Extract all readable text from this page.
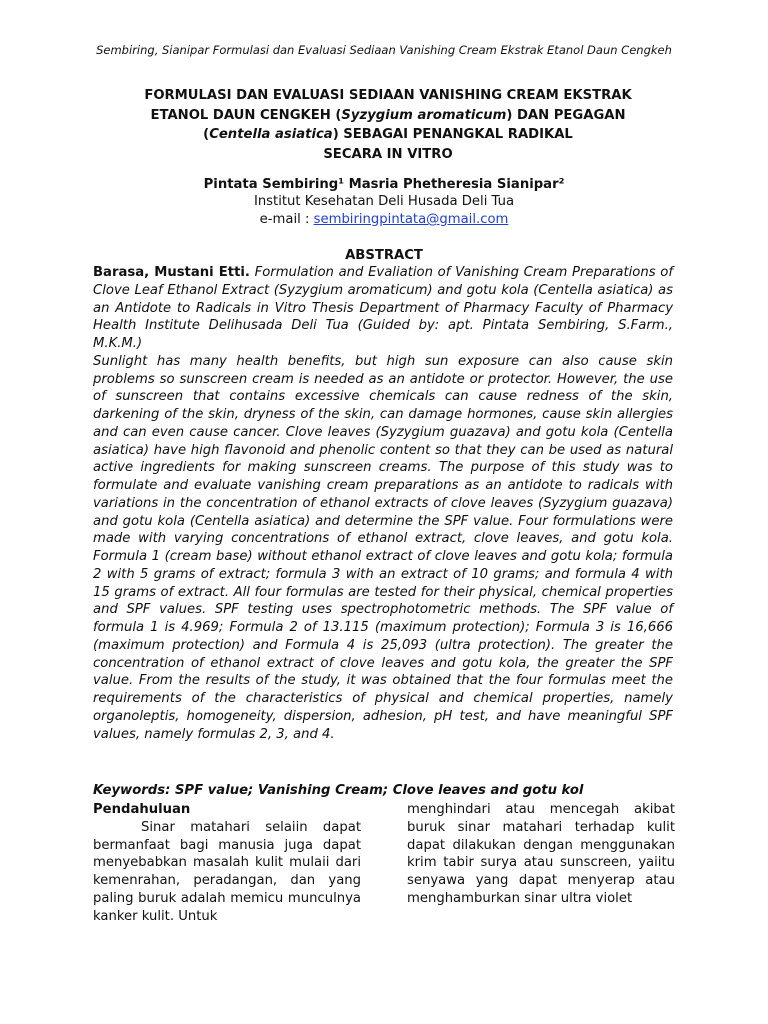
Sembiring, Sianipar Formulasi dan Evaluasi Sediaan Vanishing Cream Ekstrak Etanol Daun Cengkeh
FORMULASI DAN EVALUASI SEDIAAN VANISHING CREAM EKSTRAK
ETANOL DAUN CENGKEH (Syzygium aromaticum) DAN PEGAGAN
(Centella asiatica) SEBAGAI PENANGKAL RADIKAL
SECARA IN VITRO
Pintata Sembiring¹ Masria Phetheresia Sianipar²
Institut Kesehatan Deli Husada Deli Tua
e-mail : sembiringpintata@gmail.com
ABSTRACT

Barasa, Mustani Etti. Formulation and Evaliation of Vanishing Cream Preparations of Clove Leaf Ethanol Extract (Syzygium aromaticum) and gotu kola (Centella asiatica) as an Antidote to Radicals in Vitro Thesis Department of Pharmacy Faculty of Pharmacy Health Institute Delihusada Deli Tua (Guided by: apt. Pintata Sembiring, S.Farm., M.K.M.)

Sunlight has many health benefits, but high sun exposure can also cause skin problems so sunscreen cream is needed as an antidote or protector. However, the use of sunscreen that contains excessive chemicals can cause redness of the skin, darkening of the skin, dryness of the skin, can damage hormones, cause skin allergies and can even cause cancer. Clove leaves (Syzygium guazava) and gotu kola (Centella asiatica) have high flavonoid and phenolic content so that they can be used as natural active ingredients for making sunscreen creams. The purpose of this study was to formulate and evaluate vanishing cream preparations as an antidote to radicals with variations in the concentration of ethanol extracts of clove leaves (Syzygium guazava) and gotu kola (Centella asiatica) and determine the SPF value. Four formulations were made with varying concentrations of ethanol extract, clove leaves, and gotu kola. Formula 1 (cream base) without ethanol extract of clove leaves and gotu kola; formula 2 with 5 grams of extract; formula 3 with an extract of 10 grams; and formula 4 with 15 grams of extract. All four formulas are tested for their physical, chemical properties and SPF values. SPF testing uses spectrophotometric methods. The SPF value of formula 1 is 4.969; Formula 2 of 13.115 (maximum protection); Formula 3 is 16,666 (maximum protection) and Formula 4 is 25,093 (ultra protection). The greater the concentration of ethanol extract of clove leaves and gotu kola, the greater the SPF value. From the results of the study, it was obtained that the four formulas meet the requirements of the characteristics of physical and chemical properties, namely organoleptis, homogeneity, dispersion, adhesion, pH test, and have meaningful SPF values, namely formulas 2, 3, and 4.

Keywords: SPF value; Vanishing Cream; Clove leaves and gotu kol

Pendahuluan

Sinar matahari selaiin dapat bermanfaat bagi manusia juga dapat menyebabkan masalah kulit mulaii dari kemenrahan, peradangan, dan yang paling buruk adalah memicu munculnya kanker kulit. Untuk

menghindari atau mencegah akibat buruk sinar matahari terhadap kulit dapat dilakukan dengan menggunakan krim tabir surya atau sunscreen, yaiitu senyawa yang dapat menyerap atau menghamburkan sinar ultra violet
